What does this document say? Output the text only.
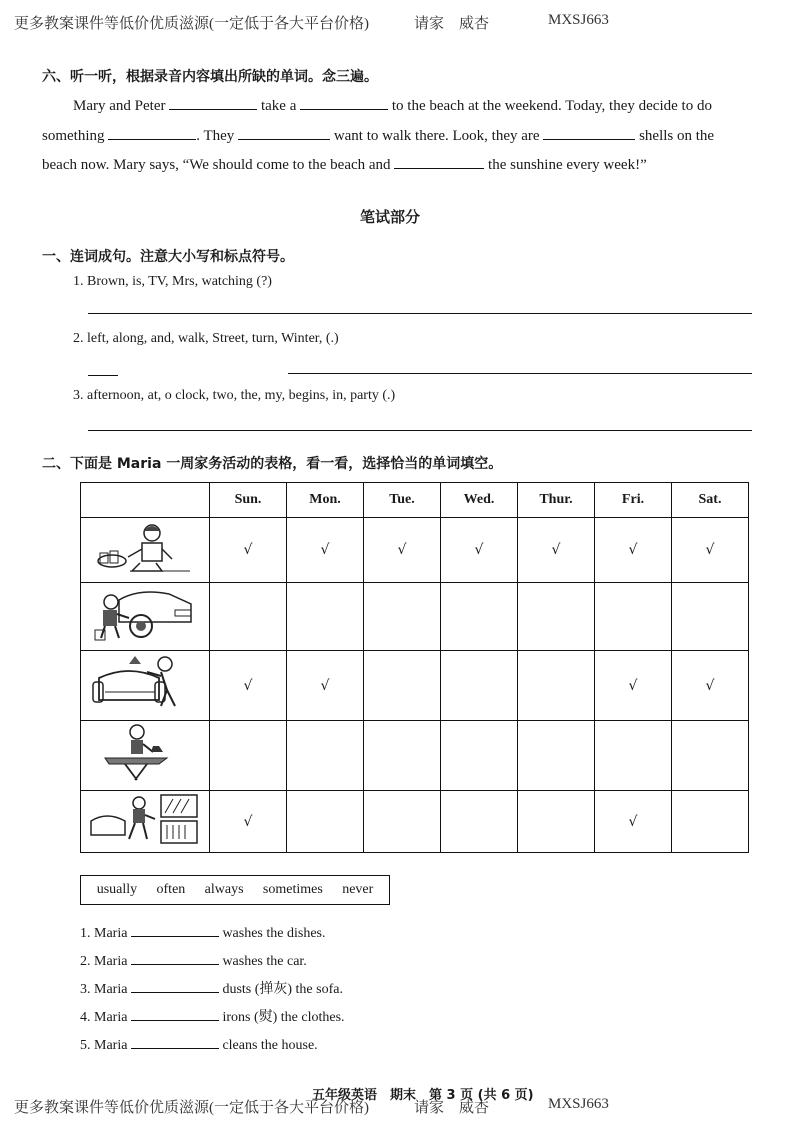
更多教案课件等低价优质滋源(一定低于各大平台价格)	请家　威杏	MXSJ663
六、听一听，根据录音内容填出所缺的单词。念三遍。
Mary and Peter	take a	to the beach at the weekend. Today, they decide to do
something	. They	want to walk there. Look, they are	shells on the
beach now. Mary says, “We should come to the beach and	the sunshine every week!”
笔试部分
一、连词成句。注意大小写和标点符号。
1. Brown, is, TV, Mrs, watching (?)
2. left, along, and, walk, Street, turn, Winter, (.)
3. afternoon, at, o clock, two, the, my, begins, in, party (.)
二、下面是 Maria 一周家务活动的表格，看一看，选择恰当的单词填空。
	Sun.	Mon.	Tue.	Wed.	Thur.	Fri.	Sat.
	√	√	√	√	√	√	√

	√	√				√	√

	√					√	
usually often always sometimes never
1. Maria	washes the dishes.
2. Maria	washes the car.
3. Maria	dusts (掸灰) the sofa.
4. Maria	irons (熨) the clothes.
5. Maria	cleans the house.
五年级英语　期末　第 3 页 (共 6 页)
更多教案课件等低价优质滋源(一定低于各大平台价格)	请家　威杏	MXSJ663
